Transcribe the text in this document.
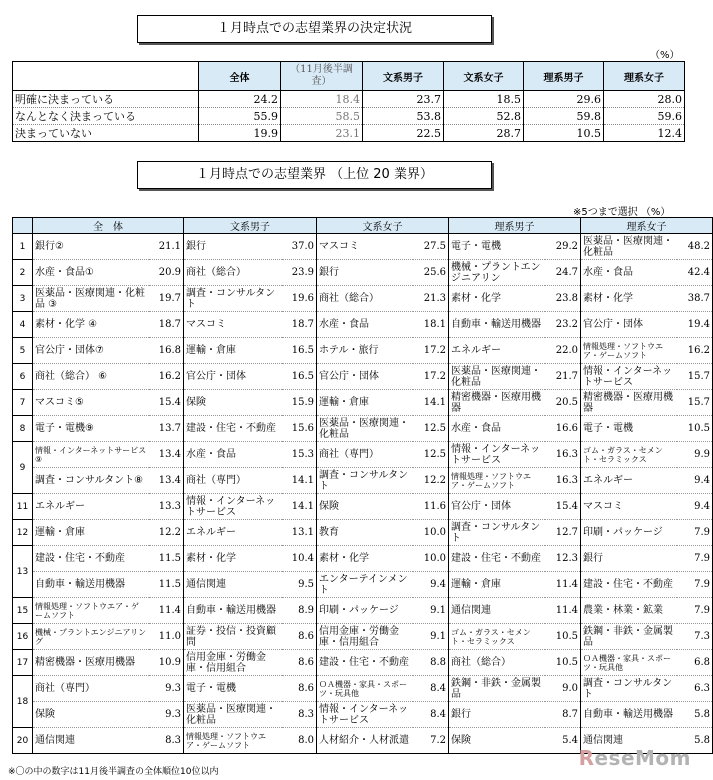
１月時点での志望業界の決定状況
（%）
	全体	（11月後半調査）	文系男子	文系女子	理系男子	理系女子
明確に決まっている	24.2	18.4	23.7	18.5	29.6	28.0
なんとなく決まっている	55.9	58.5	53.8	52.8	59.8	59.6
決まっていない	19.9	23.1	22.5	28.7	10.5	12.4
１月時点での志望業界 （上位 20 業界）
※5つまで選択 （%）
	全　体		文系男子		文系女子		理系男子		理系女子	
1	銀行②	21.1	銀行	37.0	マスコミ	27.5	電子・電機	29.2	医薬品・医療関連・化粧品	48.2
2	水産・食品①	20.9	商社（総合）	23.9	銀行	25.6	機械・プラントエンジニアリン	24.7	水産・食品	42.4
3	医薬品・医療関連・化粧品 ③	19.7	調査・コンサルタント	19.6	商社（総合）	21.3	素材・化学	23.8	素材・化学	38.7
4	素材・化学 ④	18.7	マスコミ	18.7	水産・食品	18.1	自動車・輸送用機器	23.2	官公庁・団体	19.4
5	官公庁・団体⑦	16.8	運輸・倉庫	16.5	ホテル・旅行	17.2	エネルギー	22.0	情報処理・ソフトウエア・ゲームソフト	16.2
6	商社（総合） ⑥	16.2	官公庁・団体	16.5	官公庁・団体	17.2	医薬品・医療関連・化粧品	21.7	情報・インターネットサービス	15.7
7	マスコミ⑤	15.4	保険	15.9	運輸・倉庫	14.1	精密機器・医療用機器	20.5	精密機器・医療用機器	15.7
8	電子・電機⑨	13.7	建設・住宅・不動産	15.6	医薬品・医療関連・化粧品	12.5	水産・食品	16.6	電子・電機	10.5
9	情報・インターネットサービス ⑨	13.4	水産・食品	15.3	商社（専門）	12.5	情報・インターネットサービス	16.3	ゴム・ガラス・セメント・セラミックス	9.9
	調査・コンサルタント⑧	13.4	商社（専門）	14.1	調査・コンサルタント	12.2	情報処理・ソフトウエア・ゲームソフト	16.3	エネルギー	9.4
11	エネルギー	13.3	情報・インターネットサービス	14.1	保険	11.6	官公庁・団体	15.4	マスコミ	9.4
12	運輸・倉庫	12.2	エネルギー	13.1	教育	10.0	調査・コンサルタント	12.7	印刷・パッケージ	7.9
13	建設・住宅・不動産	11.5	素材・化学	10.4	素材・化学	10.0	建設・住宅・不動産	12.3	銀行	7.9
	自動車・輸送用機器	11.5	通信関連	9.5	エンターテインメント	9.4	運輸・倉庫	11.4	建設・住宅・不動産	7.9
15	情報処理・ソフトウエア・ゲームソフト	11.4	自動車・輸送用機器	8.9	印刷・パッケージ	9.1	通信関連	11.4	農業・林業・鉱業	7.9
16	機械・プラントエンジニアリング	11.0	証券・投信・投資顧問	8.6	信用金庫・労働金庫・信用組合	9.1	ゴム・ガラス・セメント・セラミックス	10.5	鉄鋼・非鉄・金属製品	7.3
17	精密機器・医療用機器	10.9	信用金庫・労働金庫・信用組合	8.6	建設・住宅・不動産	8.8	商社（総合）	10.5	ＯＡ機器・家具・スポーツ・玩具他	6.8
18	商社（専門）	9.3	電子・電機	8.6	ＯＡ機器・家具・スポーツ・玩具他	8.4	鉄鋼・非鉄・金属製品	9.0	調査・コンサルタント	6.3
	保険	9.3	医薬品・医療関連・化粧品	8.3	情報・インターネットサービス	8.4	銀行	8.7	自動車・輸送用機器	5.8
20	通信関連	8.3	情報処理・ソフトウエア・ゲームソフト	8.0	人材紹介・人材派遣	7.2	保険	5.4	通信関連	5.8
※〇の中の数字は11月後半調査の全体順位10位以内
ReseMom
